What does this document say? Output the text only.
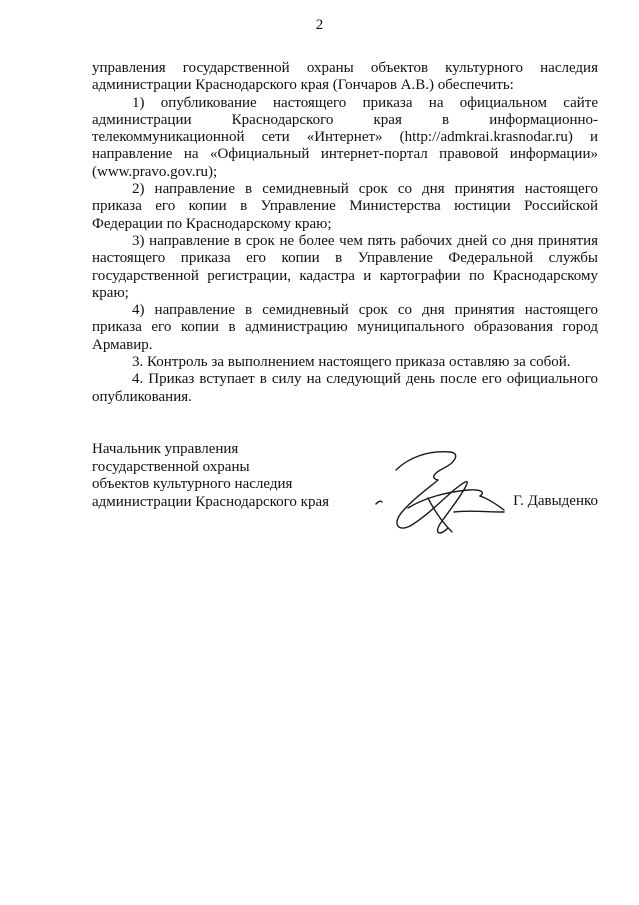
2

управления государственной охраны объектов культурного наследия администрации Краснодарского края (Гончаров А.В.) обеспечить:

1) опубликование настоящего приказа на официальном сайте администрации Краснодарского края в информационно-телекоммуникационной сети «Интернет» (http://admkrai.krasnodar.ru) и направление на «Официальный интернет-портал правовой информации» (www.pravo.gov.ru);

2) направление в семидневный срок со дня принятия настоящего приказа его копии в Управление Министерства юстиции Российской Федерации по Краснодарскому краю;

3) направление в срок не более чем пять рабочих дней со дня принятия настоящего приказа его копии в Управление Федеральной службы государственной регистрации, кадастра и картографии по Краснодарскому краю;

4) направление в семидневный срок со дня принятия настоящего приказа его копии в администрацию муниципального образования город Армавир.

3. Контроль за выполнением настоящего приказа оставляю за собой.

4. Приказ вступает в силу на следующий день после его официального опубликования.

Начальник управления
государственной охраны
объектов культурного наследия
администрации Краснодарского края	Г. Давыденко
